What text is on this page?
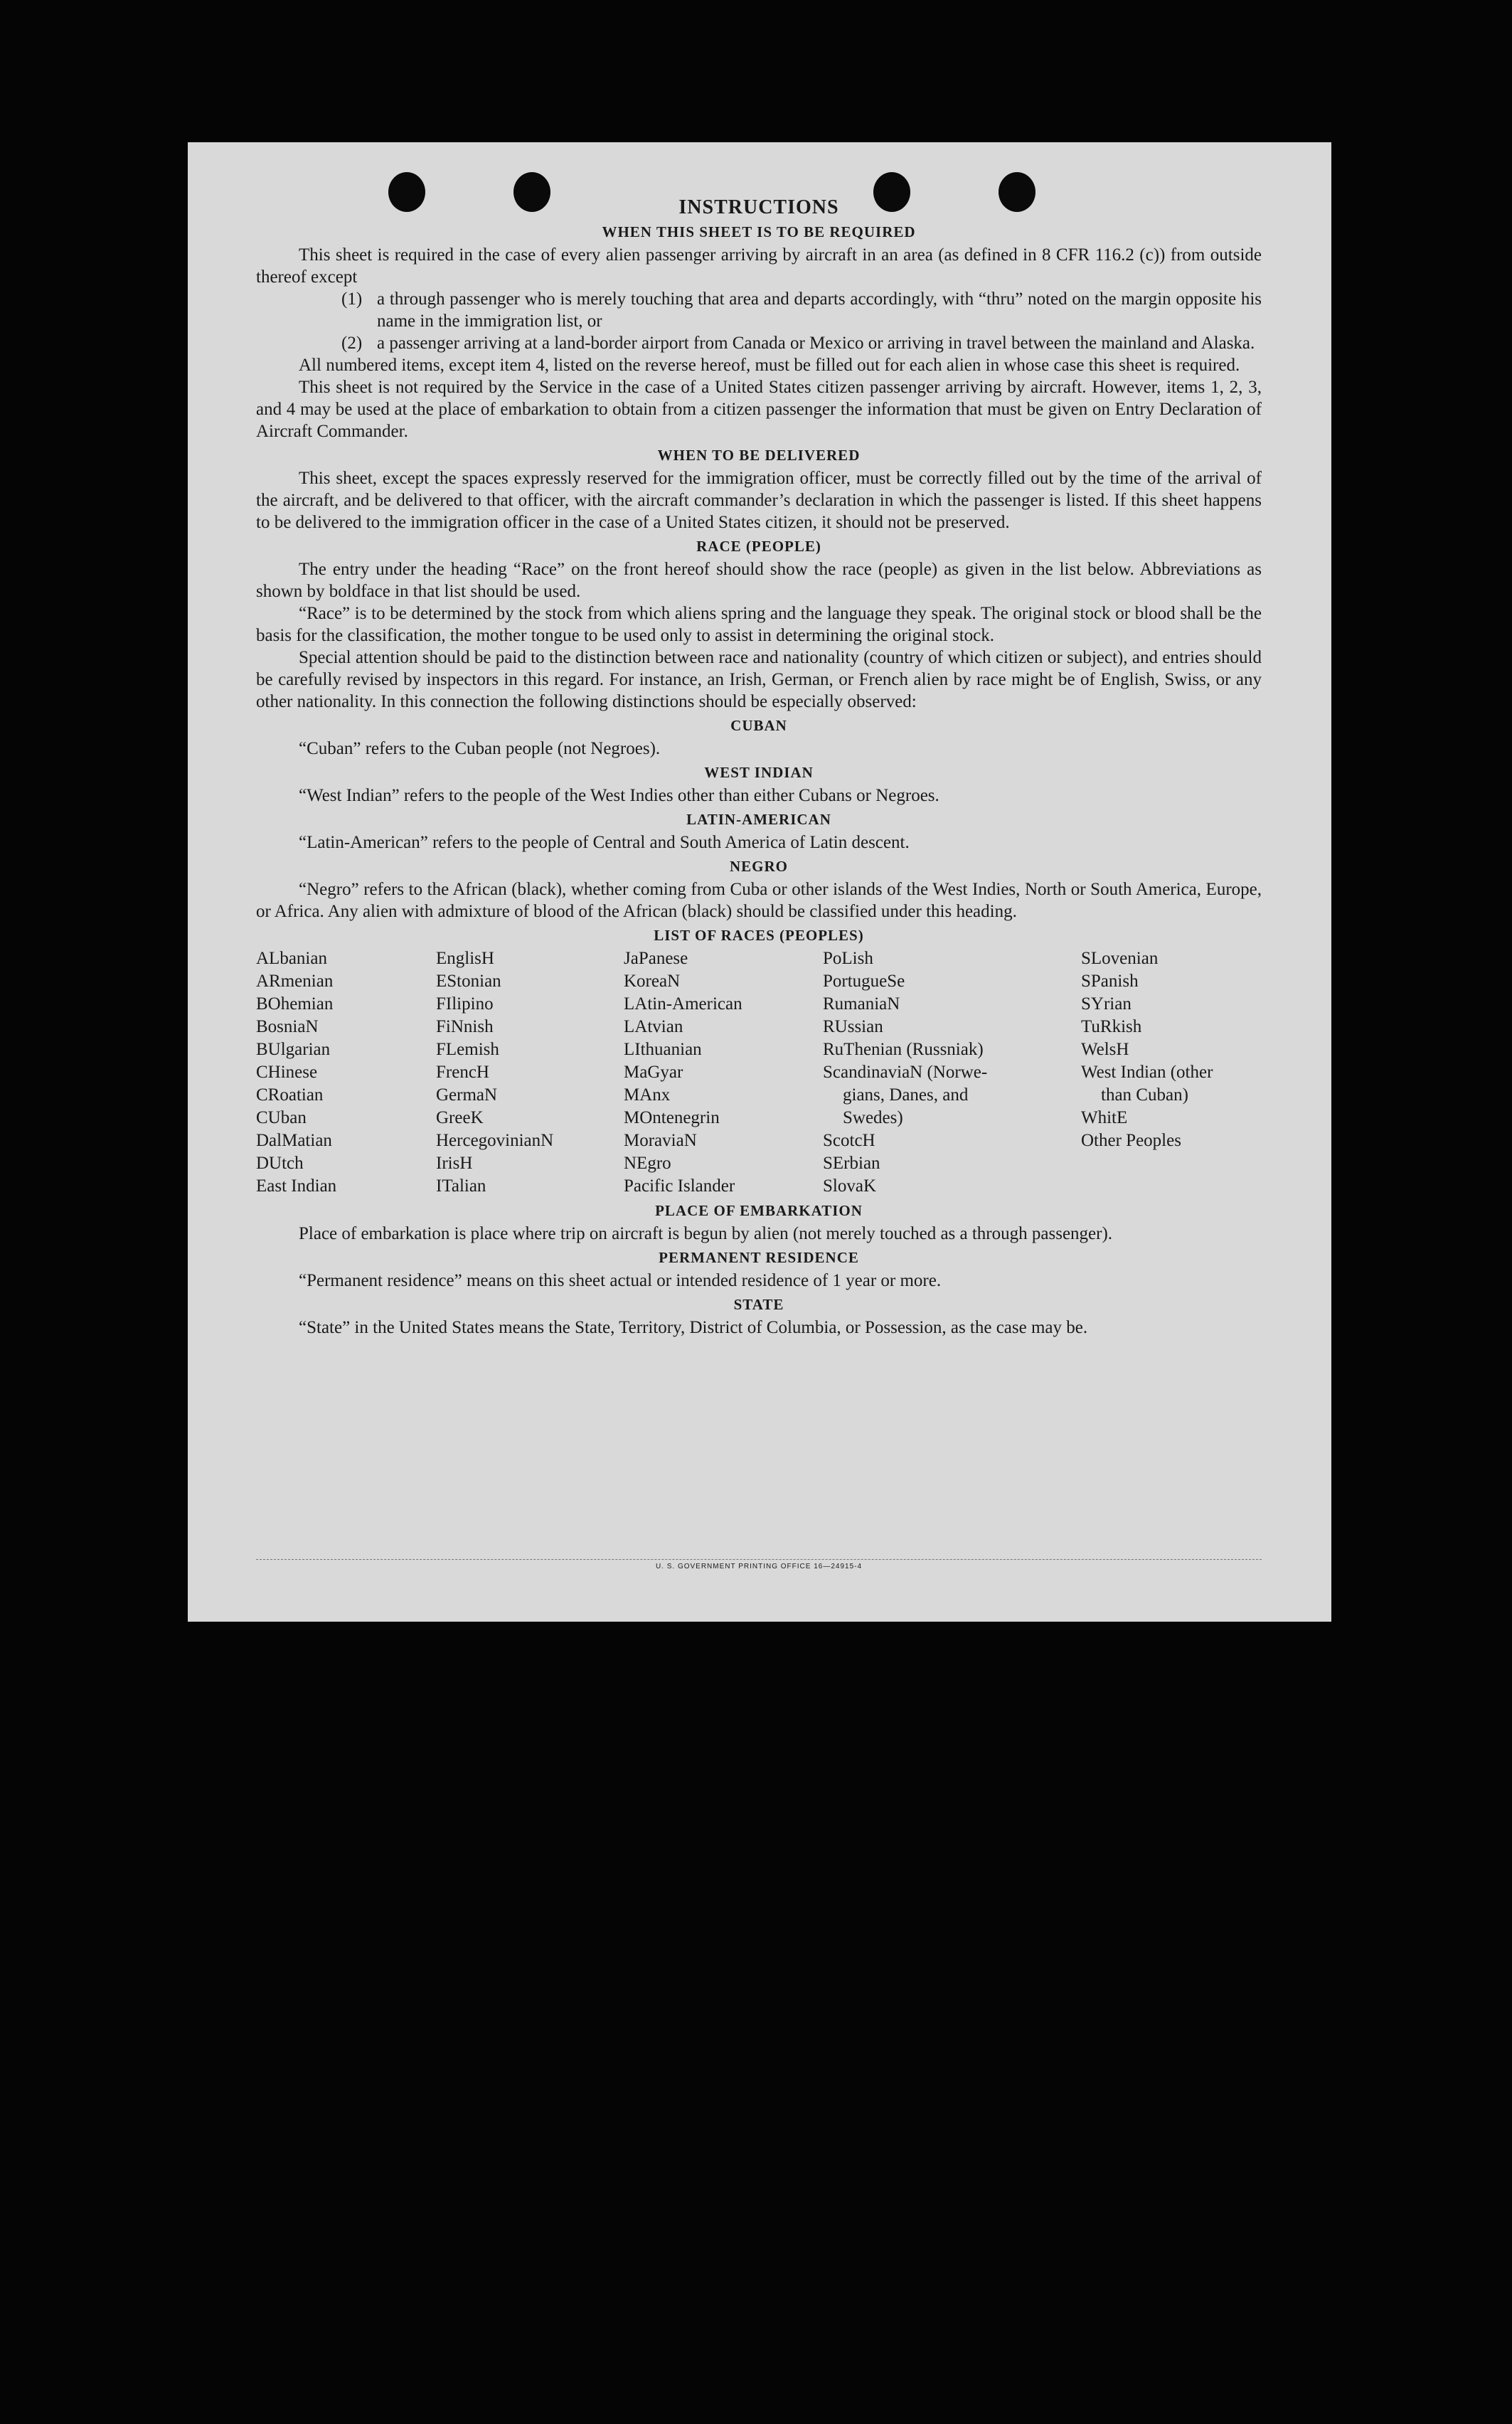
INSTRUCTIONS
WHEN THIS SHEET IS TO BE REQUIRED

This sheet is required in the case of every alien passenger arriving by aircraft in an area (as defined in 8 CFR 116.2 (c)) from outside thereof except

(1) a through passenger who is merely touching that area and departs accordingly, with “thru” noted on the margin opposite his name in the immigration list, or

(2) a passenger arriving at a land-border airport from Canada or Mexico or arriving in travel between the mainland and Alaska.

All numbered items, except item 4, listed on the reverse hereof, must be filled out for each alien in whose case this sheet is required.

This sheet is not required by the Service in the case of a United States citizen passenger arriving by aircraft. However, items 1, 2, 3, and 4 may be used at the place of embarkation to obtain from a citizen passenger the information that must be given on Entry Declaration of Aircraft Commander.

WHEN TO BE DELIVERED

This sheet, except the spaces expressly reserved for the immigration officer, must be correctly filled out by the time of the arrival of the aircraft, and be delivered to that officer, with the aircraft commander’s declaration in which the passenger is listed. If this sheet happens to be delivered to the immigration officer in the case of a United States citizen, it should not be preserved.

RACE (PEOPLE)

The entry under the heading “Race” on the front hereof should show the race (people) as given in the list below. Abbreviations as shown by boldface in that list should be used.

“Race” is to be determined by the stock from which aliens spring and the language they speak. The original stock or blood shall be the basis for the classification, the mother tongue to be used only to assist in determining the original stock.

Special attention should be paid to the distinction between race and nationality (country of which citizen or subject), and entries should be carefully revised by inspectors in this regard. For instance, an Irish, German, or French alien by race might be of English, Swiss, or any other nationality. In this connection the following distinctions should be especially observed:

CUBAN

“Cuban” refers to the Cuban people (not Negroes).

WEST INDIAN

“West Indian” refers to the people of the West Indies other than either Cubans or Negroes.

LATIN-AMERICAN

“Latin-American” refers to the people of Central and South America of Latin descent.

NEGRO

“Negro” refers to the African (black), whether coming from Cuba or other islands of the West Indies, North or South America, Europe, or Africa. Any alien with admixture of blood of the African (black) should be classified under this heading.

LIST OF RACES (PEOPLES)
ALbanian
ARmenian
BOhemian
BosniaN
BUlgarian
CHinese
CRoatian
CUban
DalMatian
DUtch
East Indian
EnglisH
EStonian
FIlipino
FiNnish
FLemish
FrencH
GermaN
GreeK
HercegovinianN
IrisH
ITalian
JaPanese
KoreaN
LAtin-American
LAtvian
LIthuanian
MaGyar
MAnx
MOntenegrin
MoraviaN
NEgro
Pacific Islander
PoLish
PortugueSe
RumaniaN
RUssian
RuThenian (Russniak)
ScandinaviaN (Norwe-
gians, Danes, and
Swedes)
ScotcH
SErbian
SlovaK
SLovenian
SPanish
SYrian
TuRkish
WelsH
West Indian (other
than Cuban)
WhitE
Other Peoples
PLACE OF EMBARKATION

Place of embarkation is place where trip on aircraft is begun by alien (not merely touched as a through passenger).

PERMANENT RESIDENCE

“Permanent residence” means on this sheet actual or intended residence of 1 year or more.

STATE

“State” in the United States means the State, Territory, District of Columbia, or Possession, as the case may be.

U. S. GOVERNMENT PRINTING OFFICE 16—24915-4
